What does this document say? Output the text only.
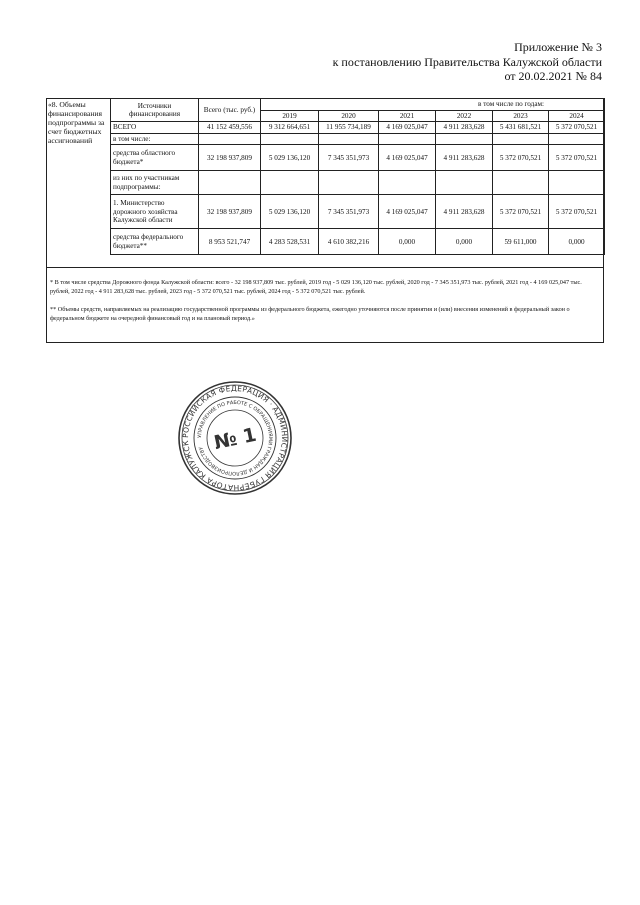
Приложение № 3
к постановлению Правительства Калужской области
от 20.02.2021 № 84
«8. Объемы финансирования подпрограммы за счет бюджетных ассигнований
Источники финансирования	Всего (тыс. руб.)	в том числе по годам:					
		2019	2020	2021	2022	2023	2024
ВСЕГО	41 152 459,556	9 312 664,651	11 955 734,189	4 169 025,047	4 911 283,628	5 431 681,521	5 372 070,521
в том числе:							
средства областного бюджета*	32 198 937,809	5 029 136,120	7 345 351,973	4 169 025,047	4 911 283,628	5 372 070,521	5 372 070,521
из них по участникам подпрограммы:							
1. Министерство дорожного хозяйства Калужской области	32 198 937,809	5 029 136,120	7 345 351,973	4 169 025,047	4 911 283,628	5 372 070,521	5 372 070,521
средства федерального бюджета**	8 953 521,747	4 283 528,531	4 610 382,216	0,000	0,000	59 611,000	0,000

* В том числе средства Дорожного фонда Калужской области: всего - 32 198 937,809 тыс. рублей, 2019 год - 5 029 136,120 тыс. рублей, 2020 год - 7 345 351,973 тыс. рублей, 2021 год - 4 169 025,047 тыс. рублей, 2022 год - 4 911 283,628 тыс. рублей, 2023 год - 5 372 070,521 тыс. рублей, 2024 год - 5 372 070,521 тыс. рублей.

** Объемы средств, направляемых на реализацию государственной программы из федерального бюджета, ежегодно уточняются после принятия и (или) внесения изменений в федеральный закон о федеральном бюджете на очередной финансовый год и на плановый период.»

РОССИЙСКАЯ ФЕДЕРАЦИЯ · АДМИНИСТРАЦИЯ ГУБЕРНАТОРА КАЛУЖСК
УПРАВЛЕНИЕ ПО РАБОТЕ С ОБРАЩЕНИЯМИ ГРАЖДАН И ДЕЛОПРОИЗВОДСТВУ № 1
